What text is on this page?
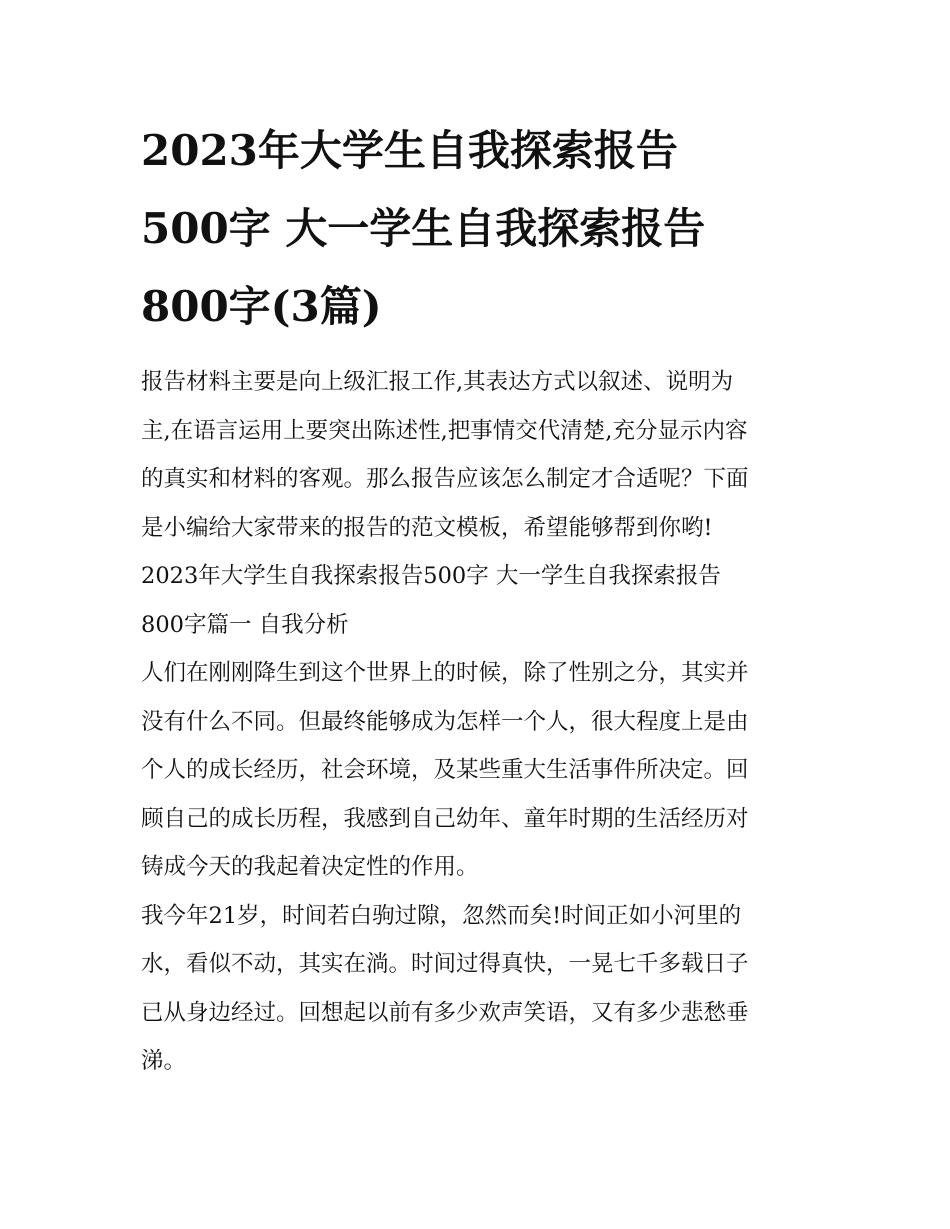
2023年大学生自我探索报告
500字 大一学生自我探索报告
800字(3篇)

报告材料主要是向上级汇报工作,其表达方式以叙述、说明为
主,在语言运用上要突出陈述性,把事情交代清楚,充分显示内容
的真实和材料的客观。那么报告应该怎么制定才合适呢？下面
是小编给大家带来的报告的范文模板，希望能够帮到你哟!

2023年大学生自我探索报告500字 大一学生自我探索报告
800字篇一 自我分析

人们在刚刚降生到这个世界上的时候，除了性别之分，其实并
没有什么不同。但最终能够成为怎样一个人，很大程度上是由
个人的成长经历，社会环境，及某些重大生活事件所决定。回
顾自己的成长历程，我感到自己幼年、童年时期的生活经历对
铸成今天的我起着决定性的作用。

我今年21岁，时间若白驹过隙，忽然而矣!时间正如小河里的
水，看似不动，其实在淌。时间过得真快，一晃七千多载日子
已从身边经过。回想起以前有多少欢声笑语，又有多少悲愁垂
涕。
